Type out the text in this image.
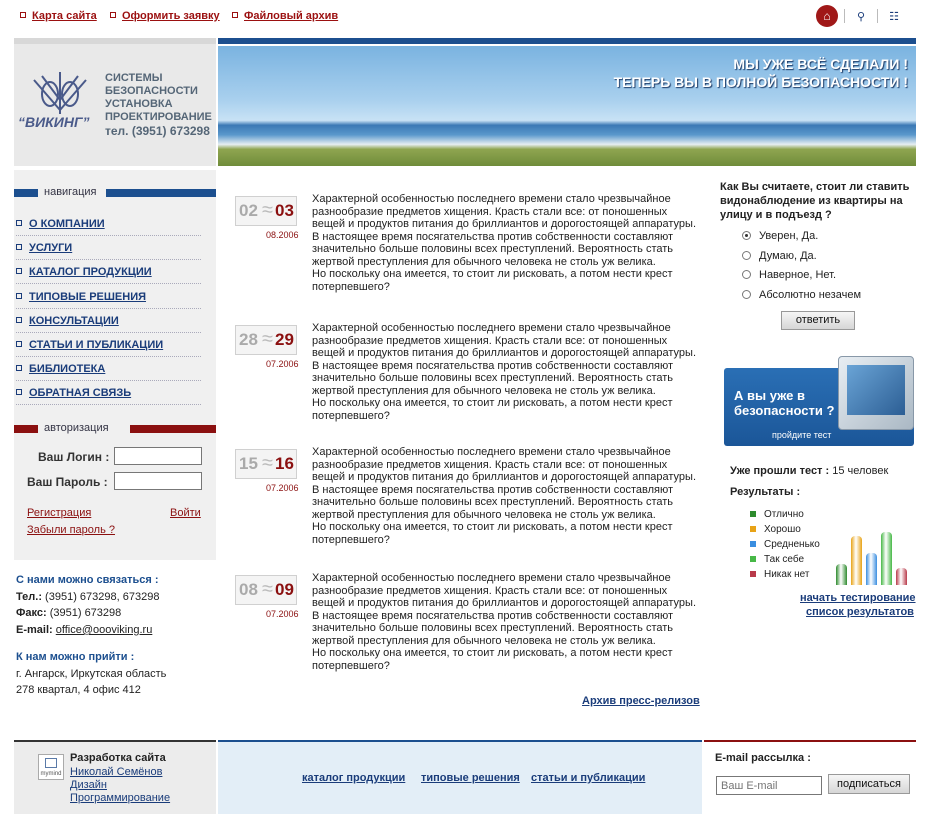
Карта сайта	Оформить заявку	Файловый архив	⌂	⚲	☷
“ВИКИНГ”
СИСТЕМЫ
БЕЗОПАСНОСТИ
УСТАНОВКА
ПРОЕКТИРОВАНИЕ
тел. (3951) 673298
МЫ УЖЕ ВСЁ СДЕЛАЛИ !
ТЕПЕРЬ ВЫ В ПОЛНОЙ БЕЗОПАСНОСТИ !
навигация
О КОМПАНИИ
УСЛУГИ
КАТАЛОГ ПРОДУКЦИИ
ТИПОВЫЕ РЕШЕНИЯ
КОНСУЛЬТАЦИИ
СТАТЬИ И ПУБЛИКАЦИИ
БИБЛИОТЕКА
ОБРАТНАЯ СВЯЗЬ
авторизация
Ваш Логин :
Ваш Пароль :
Регистрация	Войти
Забыли пароль ?
С нами можно связаться :
Тел.: (3951) 673298, 673298
Факс: (3951) 673298
E-mail: office@oooviking.ru
К нам можно прийти :
г. Ангарск, Иркутская область
278 квартал, 4 офис 412
02 ≈ 03
08.2006
Характерной особенностью последнего времени стало чрезвычайное
разнообразие предметов хищения. Красть стали все: от поношенных
вещей и продуктов питания до бриллиантов и дорогостоящей аппаратуры.
В настоящее время посягательства против собственности составляют
значительно больше половины всех преступлений. Вероятность стать
жертвой преступления для обычного человека не столь уж велика.
Но поскольку она имеется, то стоит ли рисковать, а потом нести крест
потерпевшего?
28 ≈ 29
07.2006
Характерной особенностью последнего времени стало чрезвычайное
разнообразие предметов хищения. Красть стали все: от поношенных
вещей и продуктов питания до бриллиантов и дорогостоящей аппаратуры.
В настоящее время посягательства против собственности составляют
значительно больше половины всех преступлений. Вероятность стать
жертвой преступления для обычного человека не столь уж велика.
Но поскольку она имеется, то стоит ли рисковать, а потом нести крест
потерпевшего?
15 ≈ 16
07.2006
Характерной особенностью последнего времени стало чрезвычайное
разнообразие предметов хищения. Красть стали все: от поношенных
вещей и продуктов питания до бриллиантов и дорогостоящей аппаратуры.
В настоящее время посягательства против собственности составляют
значительно больше половины всех преступлений. Вероятность стать
жертвой преступления для обычного человека не столь уж велика.
Но поскольку она имеется, то стоит ли рисковать, а потом нести крест
потерпевшего?
08 ≈ 09
07.2006
Характерной особенностью последнего времени стало чрезвычайное
разнообразие предметов хищения. Красть стали все: от поношенных
вещей и продуктов питания до бриллиантов и дорогостоящей аппаратуры.
В настоящее время посягательства против собственности составляют
значительно больше половины всех преступлений. Вероятность стать
жертвой преступления для обычного человека не столь уж велика.
Но поскольку она имеется, то стоит ли рисковать, а потом нести крест
потерпевшего?
Архив пресс-релизов
Как Вы считаете, стоит ли ставить видонаблюдение из квартиры на улицу и в подъезд ?
Уверен, Да.
Думаю, Да.
Наверное, Нет.
Абсолютно незачем
ответить
А вы уже в
безопасности ?
пройдите тест
Уже прошли тест : 15 человек
Результаты :
Отлично
Хорошо
Средненько
Так себе
Никак нет
начать тестирование
список результатов
mymind
Разработка сайта
Николай Семёнов
Дизайн
Программирование
каталог продукции типовые решения статьи и публикации
E-mail рассылка :
Ваш E-mail
подписаться
